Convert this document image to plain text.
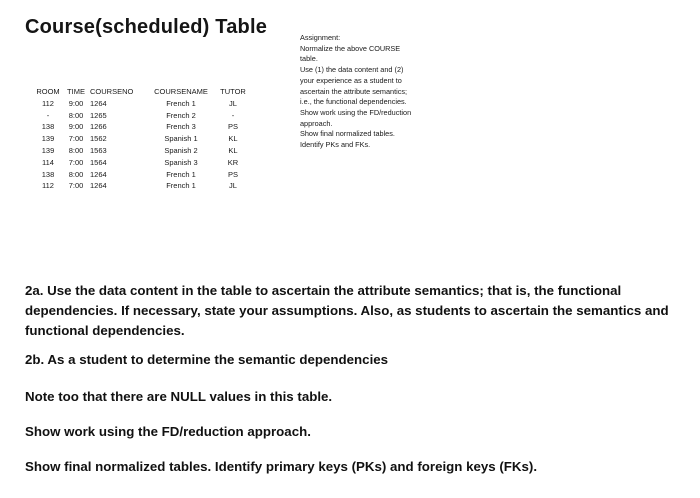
Course(scheduled) Table
ROOM	TIME	COURSENO	COURSENAME	TUTOR
112	9:00	1264	French 1	JL
-	8:00	1265	French 2	-
138	9:00	1266	French 3	PS
139	7:00	1562	Spanish 1	KL
139	8:00	1563	Spanish 2	KL
114	7:00	1564	Spanish 3	KR
138	8:00	1264	French 1	PS
112	7:00	1264	French 1	JL
Assignment:
Normalize the above COURSE
table.
Use (1) the data content and (2)
your experience as a student to
ascertain the attribute semantics;
i.e., the functional dependencies.
Show work using the FD/reduction
approach.
Show final normalized tables.
Identify PKs and FKs.

2a. Use the data content in the table to ascertain the attribute semantics; that is, the functional dependencies. If necessary, state your assumptions. Also, as students to ascertain the semantics and functional dependencies.

2b. As a student to determine the semantic dependencies

Note too that there are NULL values in this table.

Show work using the FD/reduction approach.

Show final normalized tables. Identify primary keys (PKs) and foreign keys (FKs).
